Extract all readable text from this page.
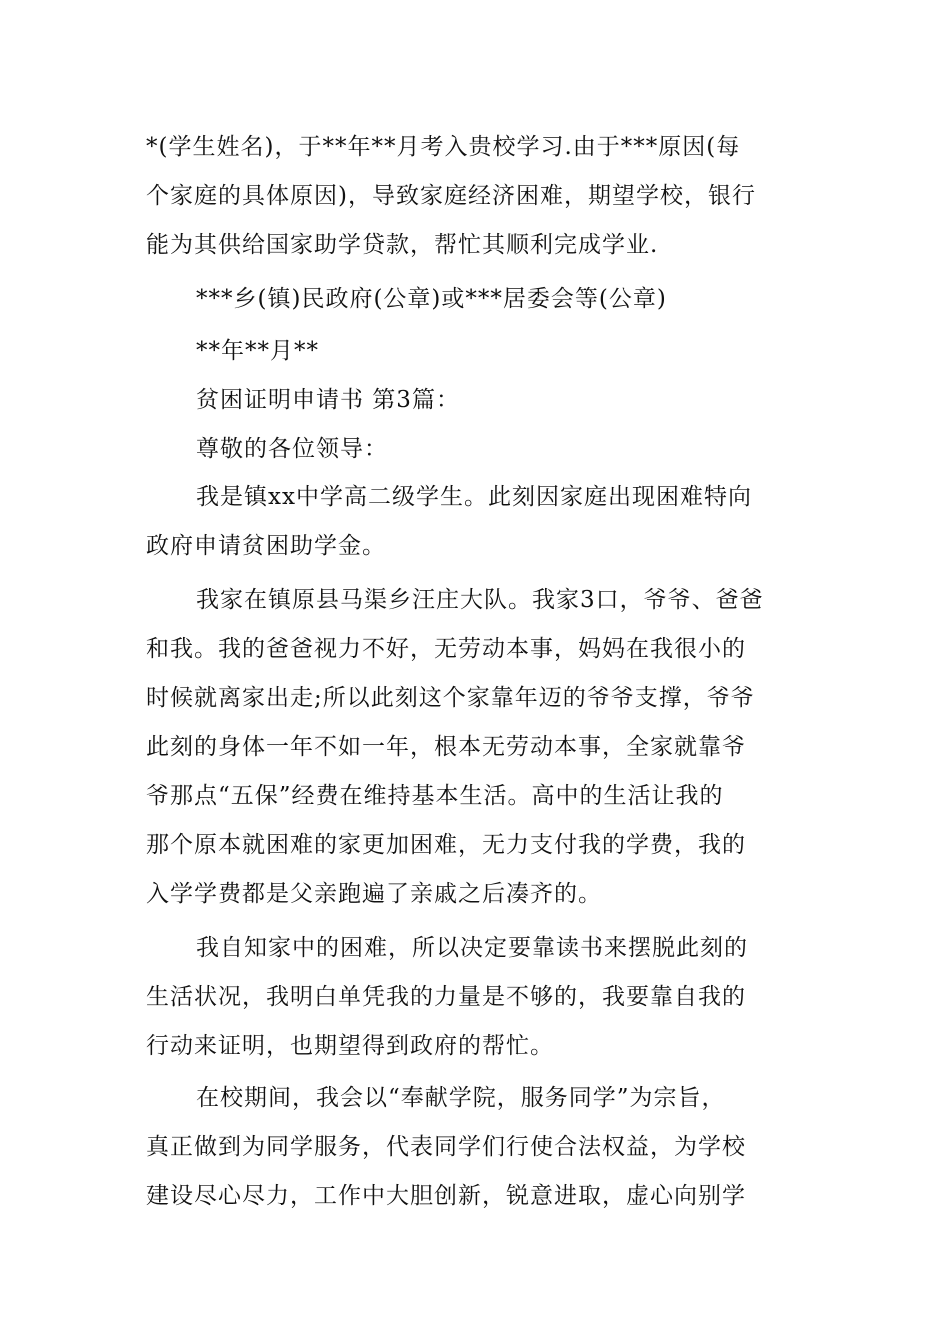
*(学生姓名)，于**年**月考入贵校学习.由于***原因(每

个家庭的具体原因)，导致家庭经济困难，期望学校，银行

能为其供给国家助学贷款，帮忙其顺利完成学业.

***乡(镇)民政府(公章)或***居委会等(公章)

**年**月**

贫困证明申请书 第3篇：

尊敬的各位领导：

我是镇xx中学高二级学生。此刻因家庭出现困难特向

政府申请贫困助学金。

我家在镇原县马渠乡汪庄大队。我家3口，爷爷、爸爸

和我。我的爸爸视力不好，无劳动本事，妈妈在我很小的

时候就离家出走;所以此刻这个家靠年迈的爷爷支撑，爷爷

此刻的身体一年不如一年，根本无劳动本事，全家就靠爷

爷那点“五保”经费在维持基本生活。高中的生活让我的

那个原本就困难的家更加困难，无力支付我的学费，我的

入学学费都是父亲跑遍了亲戚之后凑齐的。

我自知家中的困难，所以决定要靠读书来摆脱此刻的

生活状况，我明白单凭我的力量是不够的，我要靠自我的

行动来证明，也期望得到政府的帮忙。

在校期间，我会以“奉献学院，服务同学”为宗旨，

真正做到为同学服务，代表同学们行使合法权益，为学校

建设尽心尽力，工作中大胆创新，锐意进取，虚心向别学
